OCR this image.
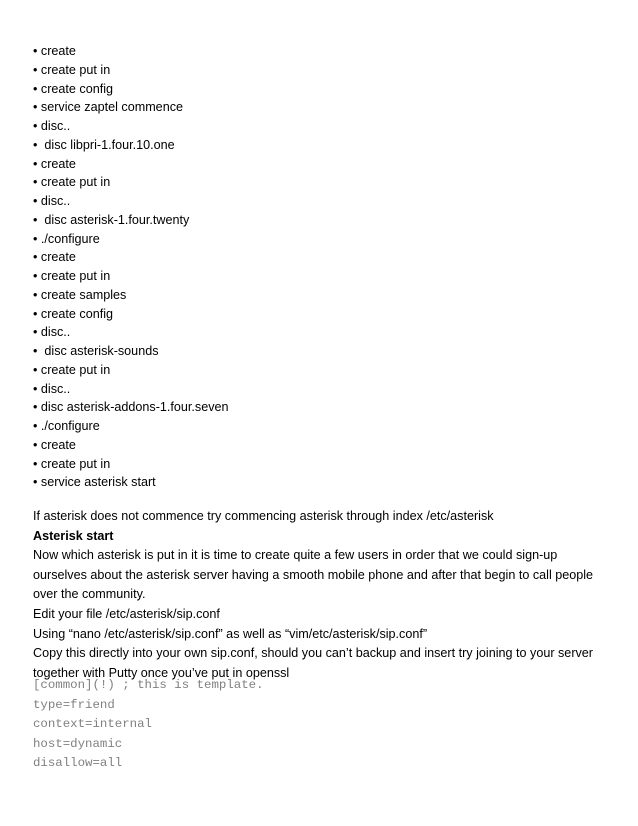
• create
• create put in
• create config
• service zaptel commence
• disc..
•  disc libpri-1.four.10.one
• create
• create put in
• disc..
•  disc asterisk-1.four.twenty
• ./configure
• create
• create put in
• create samples
• create config
• disc..
•  disc asterisk-sounds
• create put in
• disc..
• disc asterisk-addons-1.four.seven
• ./configure
• create
• create put in
• service asterisk start

If asterisk does not commence try commencing asterisk through index /etc/asterisk

Asterisk start

Now which asterisk is put in it is time to create quite a few users in order that we could sign-up ourselves about the asterisk server having a smooth mobile phone and after that begin to call people over the community.

Edit your file /etc/asterisk/sip.conf

Using “nano /etc/asterisk/sip.conf” as well as “vim/etc/asterisk/sip.conf”

Copy this directly into your own sip.conf, should you can’t backup and insert try joining to your server together with Putty once you’ve put in openssl

[common](!) ; this is template.
type=friend
context=internal
host=dynamic
disallow=all
